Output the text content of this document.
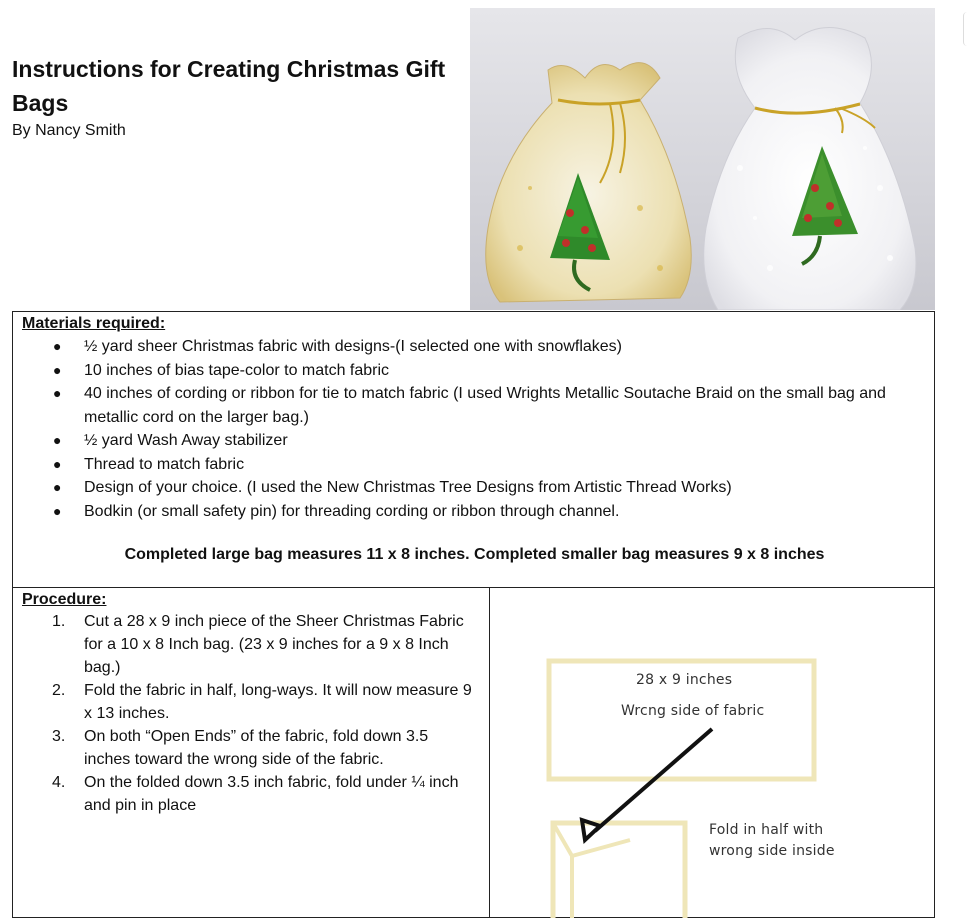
Instructions for Creating Christmas Gift Bags
By Nancy Smith
Materials required:
● ½ yard sheer Christmas fabric with designs-(I selected one with snowflakes)
● 10 inches of bias tape-color to match fabric
● 40 inches of cording or ribbon for tie to match fabric (I used Wrights Metallic Soutache Braid on the small bag and metallic cord on the larger bag.)
● ½ yard Wash Away stabilizer
● Thread to match fabric
● Design of your choice. (I used the New Christmas Tree Designs from Artistic Thread Works)
● Bodkin (or small safety pin) for threading cording or ribbon through channel.
Completed large bag measures 11 x 8 inches. Completed smaller bag measures 9 x 8 inches
Procedure:
1. Cut a 28 x 9 inch piece of the Sheer Christmas Fabric for a 10 x 8 Inch bag. (23 x 9 inches for a 9 x 8 Inch bag.)
2. Fold the fabric in half, long-ways. It will now measure 9 x 13 inches.
3. On both “Open Ends” of the fabric, fold down 3.5 inches toward the wrong side of the fabric.
4. On the folded down 3.5 inch fabric, fold under ¼ inch and pin in place
28 x 9 inches
Wrcng side of fabric
Fold in half with
wrong side inside
